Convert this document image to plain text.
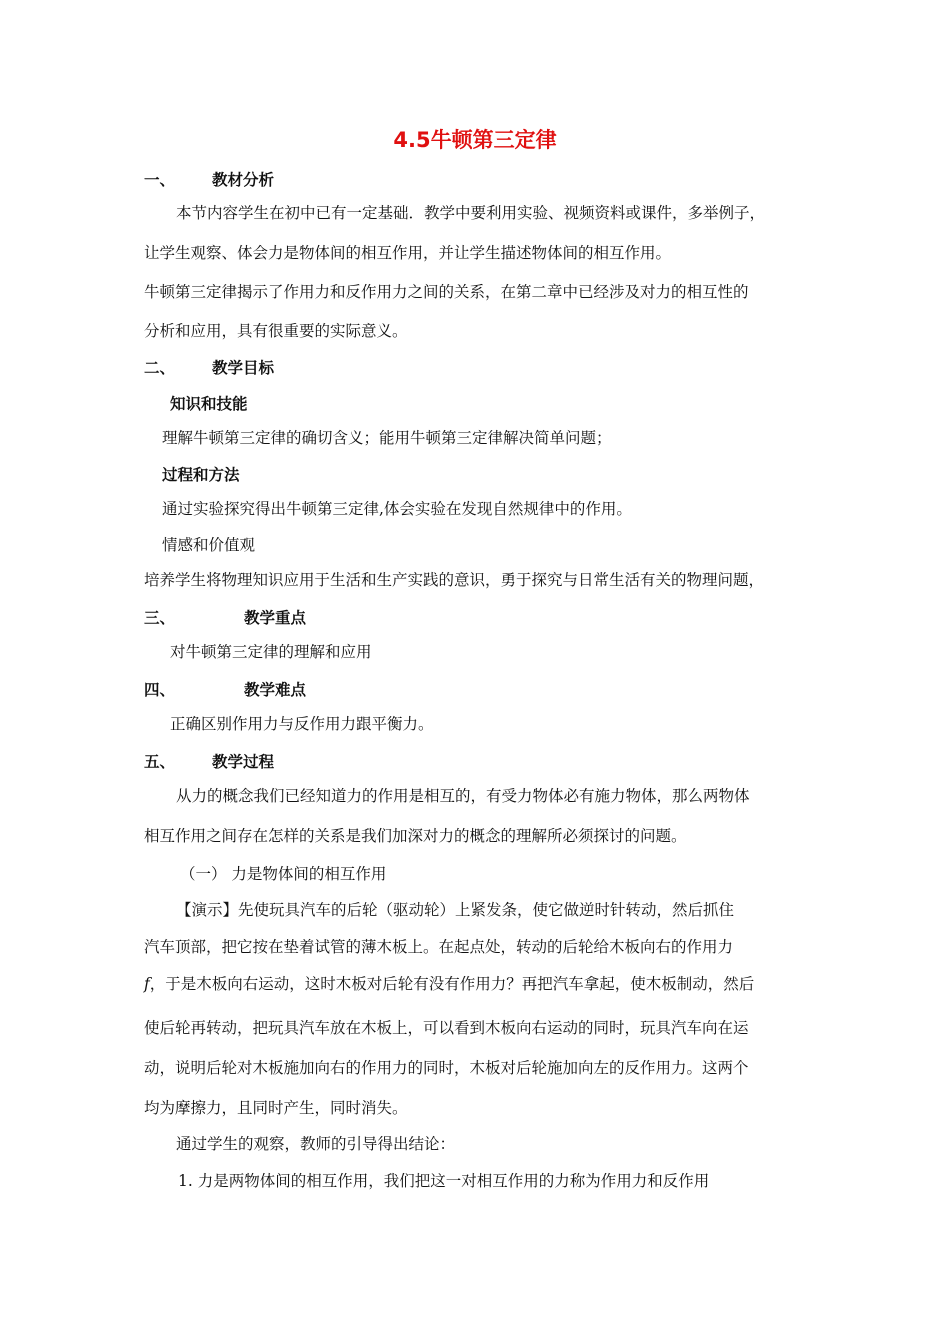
4.5牛顿第三定律
一、 教材分析
本节内容学生在初中已有一定基础．教学中要利用实验、视频资料或课件，多举例子，
让学生观察、体会力是物体间的相互作用，并让学生描述物体间的相互作用。
牛顿第三定律揭示了作用力和反作用力之间的关系，在第二章中已经涉及对力的相互性的
分析和应用，具有很重要的实际意义。
二、 教学目标
知识和技能
理解牛顿第三定律的确切含义；能用牛顿第三定律解决简单问题；
过程和方法
通过实验探究得出牛顿第三定律,体会实验在发现自然规律中的作用。
情感和价值观
培养学生将物理知识应用于生活和生产实践的意识，勇于探究与日常生活有关的物理问题，
三、	教学重点
对牛顿第三定律的理解和应用
四、	教学难点
正确区别作用力与反作用力跟平衡力。
五、 教学过程
从力的概念我们已经知道力的作用是相互的，有受力物体必有施力物体，那么两物体
相互作用之间存在怎样的关系是我们加深对力的概念的理解所必须探讨的问题。
（一） 力是物体间的相互作用
【演示】先使玩具汽车的后轮（驱动轮）上紧发条，使它做逆时针转动，然后抓住
汽车顶部，把它按在垫着试管的薄木板上。在起点处，转动的后轮给木板向右的作用力
f，于是木板向右运动，这时木板对后轮有没有作用力？再把汽车拿起，使木板制动，然后
使后轮再转动，把玩具汽车放在木板上，可以看到木板向右运动的同时，玩具汽车向在运
动，说明后轮对木板施加向右的作用力的同时，木板对后轮施加向左的反作用力。这两个
均为摩擦力，且同时产生，同时消失。
通过学生的观察，教师的引导得出结论：
1. 力是两物体间的相互作用，我们把这一对相互作用的力称为作用力和反作用
